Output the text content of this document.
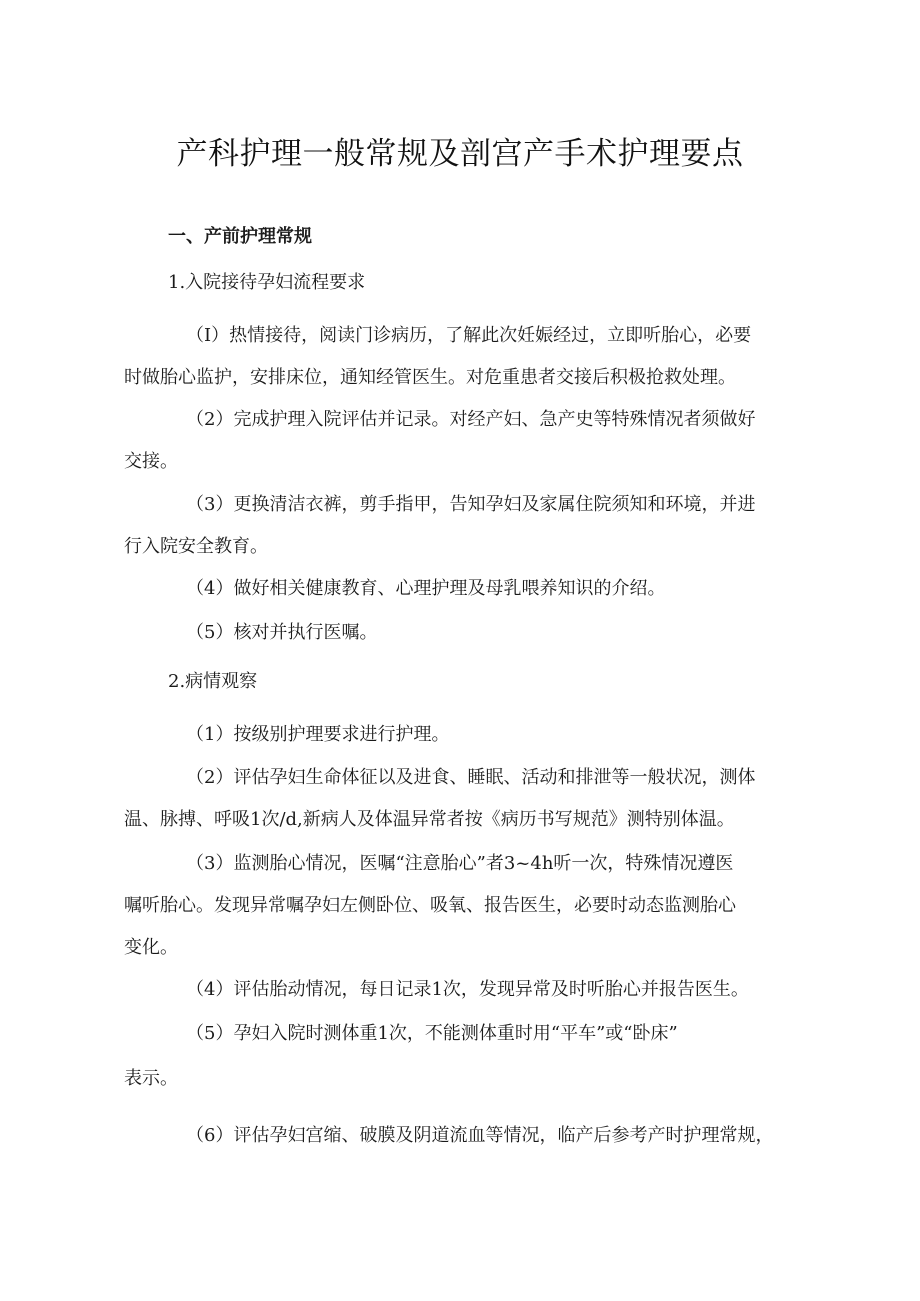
产科护理一般常规及剖宫产手术护理要点
一、产前护理常规
1.入院接待孕妇流程要求
（I）热情接待，阅读门诊病历，了解此次妊娠经过，立即听胎心，必要
时做胎心监护，安排床位，通知经管医生。对危重患者交接后积极抢救处理。
（2）完成护理入院评估并记录。对经产妇、急产史等特殊情况者须做好
交接。
（3）更换清洁衣裤，剪手指甲，告知孕妇及家属住院须知和环境，并进
行入院安全教育。
（4）做好相关健康教育、心理护理及母乳喂养知识的介绍。
（5）核对并执行医嘱。
2.病情观察
（1）按级别护理要求进行护理。
（2）评估孕妇生命体征以及进食、睡眠、活动和排泄等一般状况，测体
温、脉搏、呼吸1次/d,新病人及体温异常者按《病历书写规范》测特别体温。
（3）监测胎心情况，医嘱“注意胎心”者3~4h听一次，特殊情况遵医
嘱听胎心。发现异常嘱孕妇左侧卧位、吸氧、报告医生，必要时动态监测胎心
变化。
（4）评估胎动情况，每日记录1次，发现异常及时听胎心并报告医生。
（5）孕妇入院时测体重1次，不能测体重时用“平车”或“卧床”
表示。
（6）评估孕妇宫缩、破膜及阴道流血等情况，临产后参考产时护理常规，
